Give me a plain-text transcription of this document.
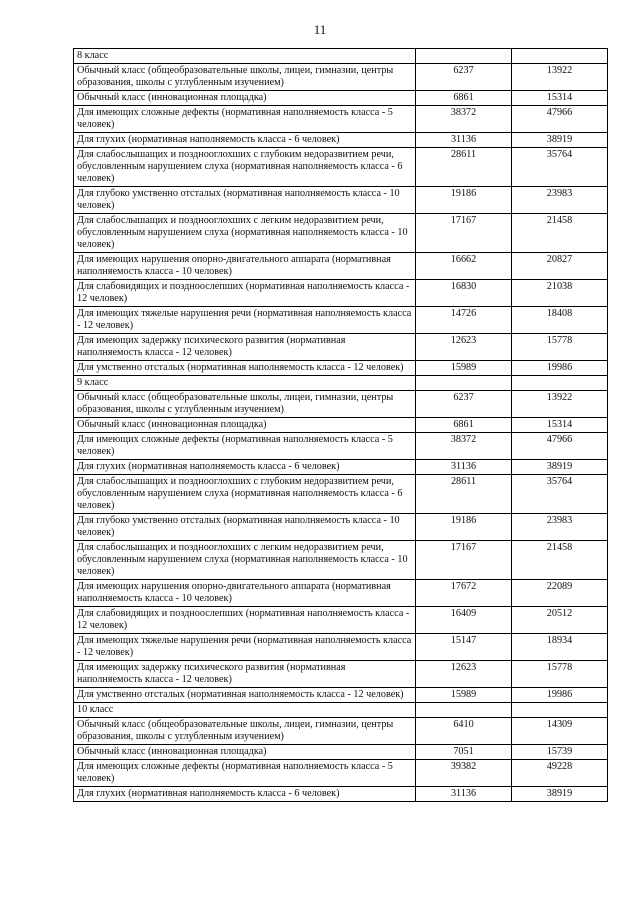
11
8 класс		
Обычный класс (общеобразовательные школы, лицеи, гимназии, центры образования, школы с углубленным изучением)	6237	13922
Обычный класс (инновационная площадка)	6861	15314
Для имеющих сложные дефекты (нормативная наполняемость класса - 5 человек)	38372	47966
Для глухих (нормативная наполняемость класса - 6 человек)	31136	38919
Для слабослышащих и позднооглохших с глубоким недоразвитием речи, обусловленным нарушением слуха (нормативная наполняемость класса - 6 человек)	28611	35764
Для глубоко умственно отсталых (нормативная наполняемость класса - 10 человек)	19186	23983
Для слабослышащих и позднооглохших с легким недоразвитием речи, обусловленным нарушением слуха (нормативная наполняемость класса - 10 человек)	17167	21458
Для имеющих нарушения опорно-двигательного аппарата (нормативная наполняемость класса - 10 человек)	16662	20827
Для слабовидящих и поздноослепших (нормативная наполняемость класса - 12 человек)	16830	21038
Для имеющих тяжелые нарушения речи (нормативная наполняемость класса - 12 человек)	14726	18408
Для имеющих задержку психического развития (нормативная наполняемость класса - 12 человек)	12623	15778
Для умственно отсталых (нормативная наполняемость класса - 12 человек)	15989	19986
9 класс		
Обычный класс (общеобразовательные школы, лицеи, гимназии, центры образования, школы с углубленным изучением)	6237	13922
Обычный класс (инновационная площадка)	6861	15314
Для имеющих сложные дефекты (нормативная наполняемость класса - 5 человек)	38372	47966
Для глухих (нормативная наполняемость класса - 6 человек)	31136	38919
Для слабослышащих и позднооглохших с глубоким недоразвитием речи, обусловленным нарушением слуха (нормативная наполняемость класса - 6 человек)	28611	35764
Для глубоко умственно отсталых (нормативная наполняемость класса - 10 человек)	19186	23983
Для слабослышащих и позднооглохших с легким недоразвитием речи, обусловленным нарушением слуха (нормативная наполняемость класса - 10 человек)	17167	21458
Для имеющих нарушения опорно-двигательного аппарата (нормативная наполняемость класса - 10 человек)	17672	22089
Для слабовидящих и поздноослепших (нормативная наполняемость класса - 12 человек)	16409	20512
Для имеющих тяжелые нарушения речи (нормативная наполняемость класса - 12 человек)	15147	18934
Для имеющих задержку психического развития (нормативная наполняемость класса - 12 человек)	12623	15778
Для умственно отсталых (нормативная наполняемость класса - 12 человек)	15989	19986
10 класс		
Обычный класс (общеобразовательные школы, лицеи, гимназии, центры образования, школы с углубленным изучением)	6410	14309
Обычный класс (инновационная площадка)	7051	15739
Для имеющих сложные дефекты (нормативная наполняемость класса - 5 человек)	39382	49228
Для глухих (нормативная наполняемость класса - 6 человек)	31136	38919
